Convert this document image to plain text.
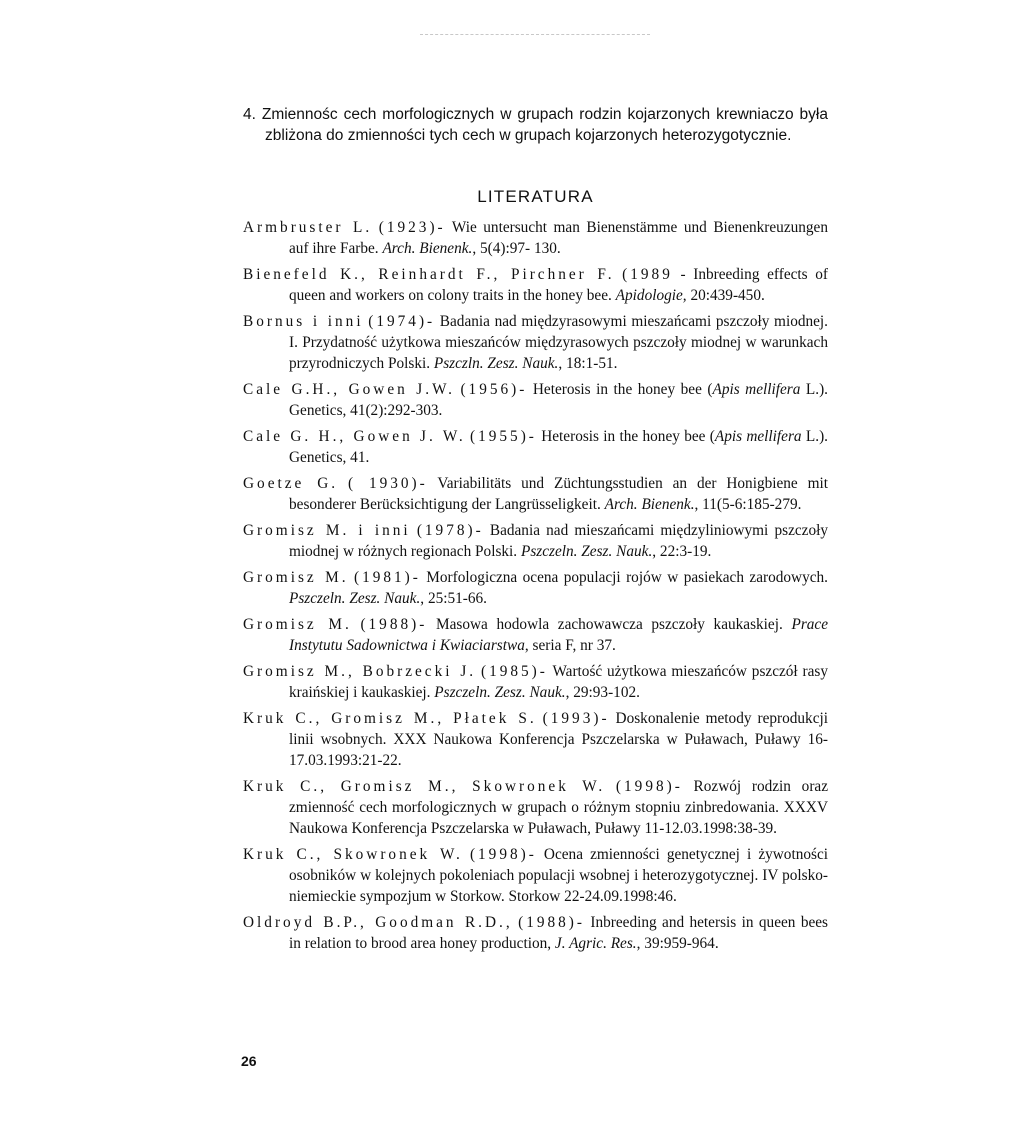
4. Zmiennośc cech morfologicznych w grupach rodzin kojarzonych krewniaczo była zbliżona do zmienności tych cech w grupach kojarzonych heterozygotycznie.

LITERATURA
Armbruster L. (1923)- Wie untersucht man Bienenstämme und Bienenkreuzungen auf ihre Farbe. Arch. Bienenk., 5(4):97- 130.
Bienefeld K., Reinhardt F., Pirchner F. (1989 - Inbreeding effects of queen and workers on colony traits in the honey bee. Apidologie, 20:439-450.
Bornus i inni (1974)- Badania nad międzyrasowymi mieszańcami pszczoły miodnej. I. Przydatność użytkowa mieszańców międzyrasowych pszczoły miodnej w warunkach przyrodniczych Polski. Pszczln. Zesz. Nauk., 18:1-51.
Cale G.H., Gowen J.W. (1956)- Heterosis in the honey bee (Apis mellifera L.). Genetics, 41(2):292-303.
Cale G. H., Gowen J. W. (1955)- Heterosis in the honey bee (Apis mellifera L.). Genetics, 41.
Goetze G. ( 1930)- Variabilitäts und Züchtungsstudien an der Honigbiene mit besonderer Berücksichtigung der Langrüsseligkeit. Arch. Bienenk., 11(5-6:185-279.
Gromisz M. i inni (1978)- Badania nad mieszańcami międzyliniowymi pszczoły miodnej w różnych regionach Polski. Pszczeln. Zesz. Nauk., 22:3-19.
Gromisz M. (1981)- Morfologiczna ocena populacji rojów w pasiekach zarodowych. Pszczeln. Zesz. Nauk., 25:51-66.
Gromisz M. (1988)- Masowa hodowla zachowawcza pszczoły kaukaskiej. Prace Instytutu Sadownictwa i Kwiaciarstwa, seria F, nr 37.
Gromisz M., Bobrzecki J. (1985)- Wartość użytkowa mieszańców pszczół rasy kraińskiej i kaukaskiej. Pszczeln. Zesz. Nauk., 29:93-102.
Kruk C., Gromisz M., Płatek S. (1993)- Doskonalenie metody reprodukcji linii wsobnych. XXX Naukowa Konferencja Pszczelarska w Puławach, Puławy 16-17.03.1993:21-22.
Kruk C., Gromisz M., Skowronek W. (1998)- Rozwój rodzin oraz zmienność cech morfologicznych w grupach o różnym stopniu zinbredowania. XXXV Naukowa Konferencja Pszczelarska w Puławach, Puławy 11-12.03.1998:38-39.
Kruk C., Skowronek W. (1998)- Ocena zmienności genetycznej i żywotności osobników w kolejnych pokoleniach populacji wsobnej i heterozygotycznej. IV polsko-niemieckie sympozjum w Storkow. Storkow 22-24.09.1998:46.
Oldroyd B.P., Goodman R.D., (1988)- Inbreeding and hetersis in queen bees in relation to brood area honey production, J. Agric. Res., 39:959-964.
26
